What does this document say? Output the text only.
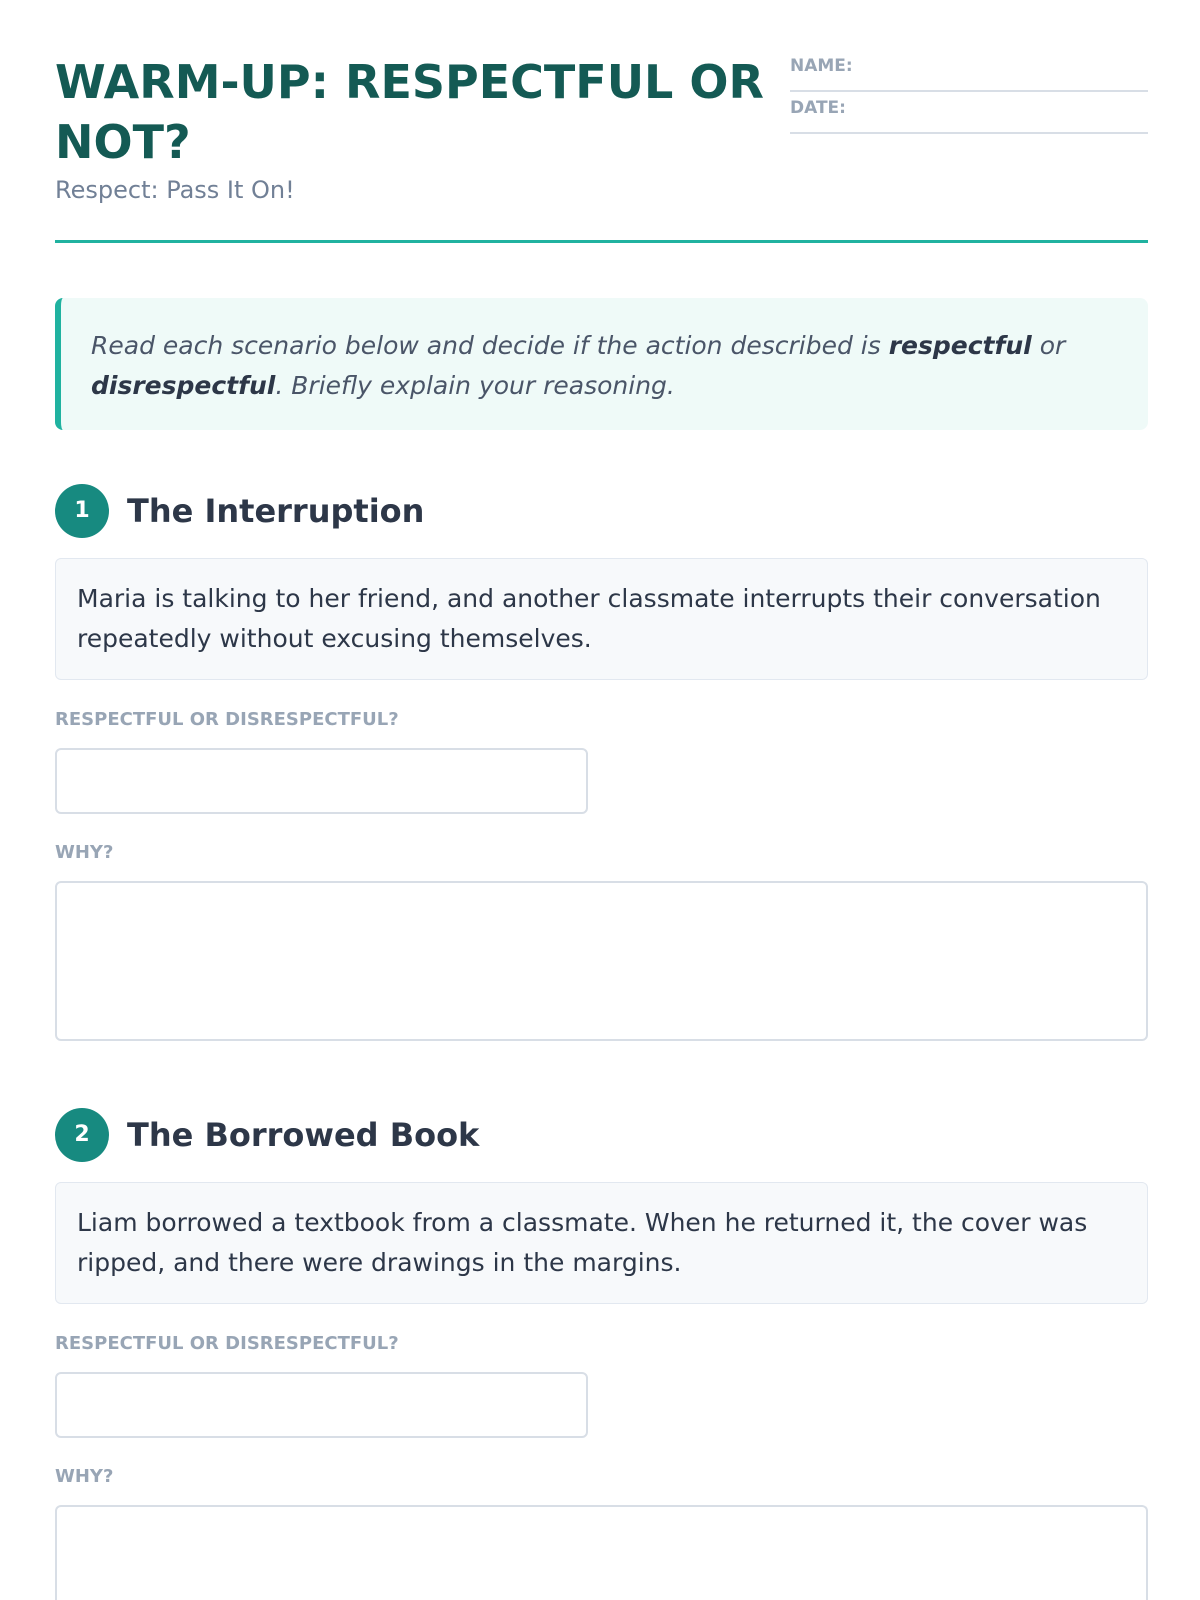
WARM-UP: RESPECTFUL OR NOT?
Respect: Pass It On!
NAME:
DATE:
Read each scenario below and decide if the action described is respectful or disrespectful. Briefly explain your reasoning.
1	The Interruption
Maria is talking to her friend, and another classmate interrupts their conversation repeatedly without excusing themselves.
RESPECTFUL OR DISRESPECTFUL?
WHY?
2	The Borrowed Book
Liam borrowed a textbook from a classmate. When he returned it, the cover was ripped, and there were drawings in the margins.
RESPECTFUL OR DISRESPECTFUL?
WHY?
